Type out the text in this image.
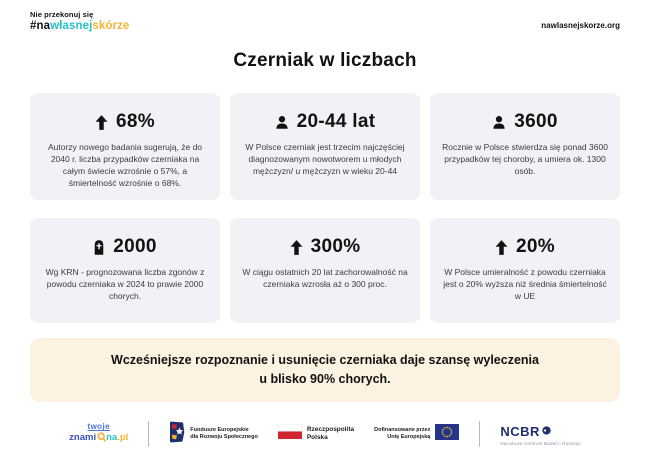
Nie przekonuj się
#nawłasnejskórze	nawlasnejskorze.org
Czerniak w liczbach
68%

Autorzy nowego badania sugerują, że do 2040 r. liczba przypadków czerniaka na całym świecie wzrośnie o 57%, a śmiertelność wzrośnie o 68%.

20-44 lat

W Polsce czerniak jest trzecim najczęściej diagnozowanym nowotworem u młodych mężczyzn/ u mężczyzn w wieku 20-44

3600

Rocznie w Polsce stwierdza się ponad 3600 przypadków tej choroby, a umiera ok. 1300 osób.

2000

Wg KRN - prognozowana liczba zgonów z powodu czerniaka w 2024 to prawie 2000 chorych.

300%

W ciągu ostatnich 20 lat zachorowalność na czerniaka wzrosła aż o 300 proc.

20%

W Polsce umieralność z powodu czerniaka jest o 20% wyższa niż średnia śmiertelność w UE

Wcześniejsze rozpoznanie i usunięcie czerniaka daje szansę wyleczenia u blisko 90% chorych.
twoje
znami na .pl
Fundusze Europejskie
dla Rozwoju Społecznego
Rzeczpospolita
Polska
Dofinansowane przez
Unię Europejską	NCBR
Narodowe Centrum Badań i Rozwoju
